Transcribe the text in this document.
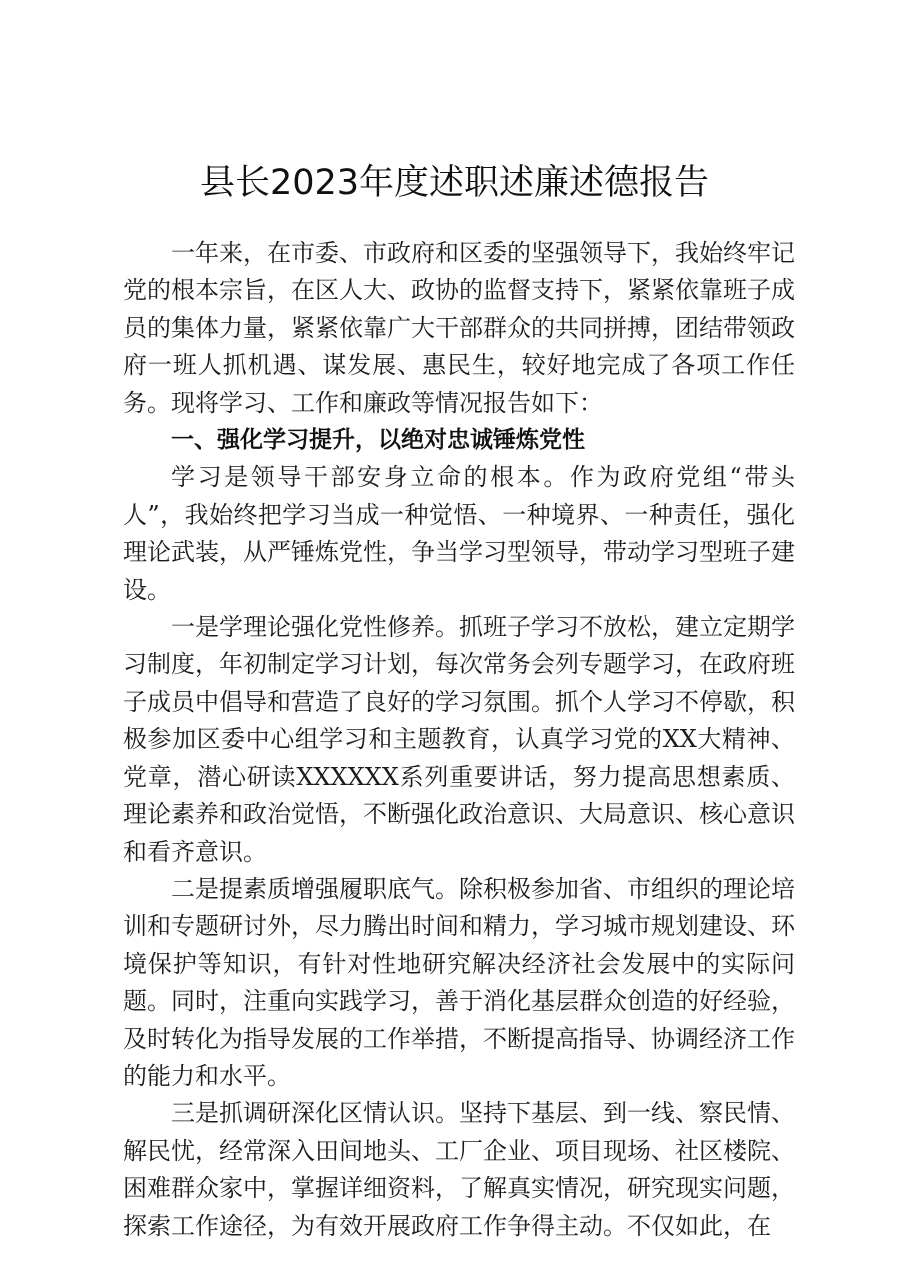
县长2023年度述职述廉述德报告

一年来，在市委、市政府和区委的坚强领导下，我始终牢记党的根本宗旨，在区人大、政协的监督支持下，紧紧依靠班子成员的集体力量，紧紧依靠广大干部群众的共同拼搏，团结带领政府一班人抓机遇、谋发展、惠民生，较好地完成了各项工作任务。现将学习、工作和廉政等情况报告如下：

一、强化学习提升，以绝对忠诚锤炼党性

学习是领导干部安身立命的根本。作为政府党组“带头人”，我始终把学习当成一种觉悟、一种境界、一种责任，强化理论武装，从严锤炼党性，争当学习型领导，带动学习型班子建设。

一是学理论强化党性修养。抓班子学习不放松，建立定期学习制度，年初制定学习计划，每次常务会列专题学习，在政府班子成员中倡导和营造了良好的学习氛围。抓个人学习不停歇，积极参加区委中心组学习和主题教育，认真学习党的XX大精神、党章，潜心研读XXXXXX系列重要讲话，努力提高思想素质、理论素养和政治觉悟，不断强化政治意识、大局意识、核心意识和看齐意识。

二是提素质增强履职底气。除积极参加省、市组织的理论培训和专题研讨外，尽力腾出时间和精力，学习城市规划建设、环境保护等知识，有针对性地研究解决经济社会发展中的实际问题。同时，注重向实践学习，善于消化基层群众创造的好经验，及时转化为指导发展的工作举措，不断提高指导、协调经济工作的能力和水平。

三是抓调研深化区情认识。坚持下基层、到一线、察民情、解民忧，经常深入田间地头、工厂企业、项目现场、社区楼院、困难群众家中，掌握详细资料，了解真实情况，研究现实问题，探索工作途径，为有效开展政府工作争得主动。不仅如此，在
